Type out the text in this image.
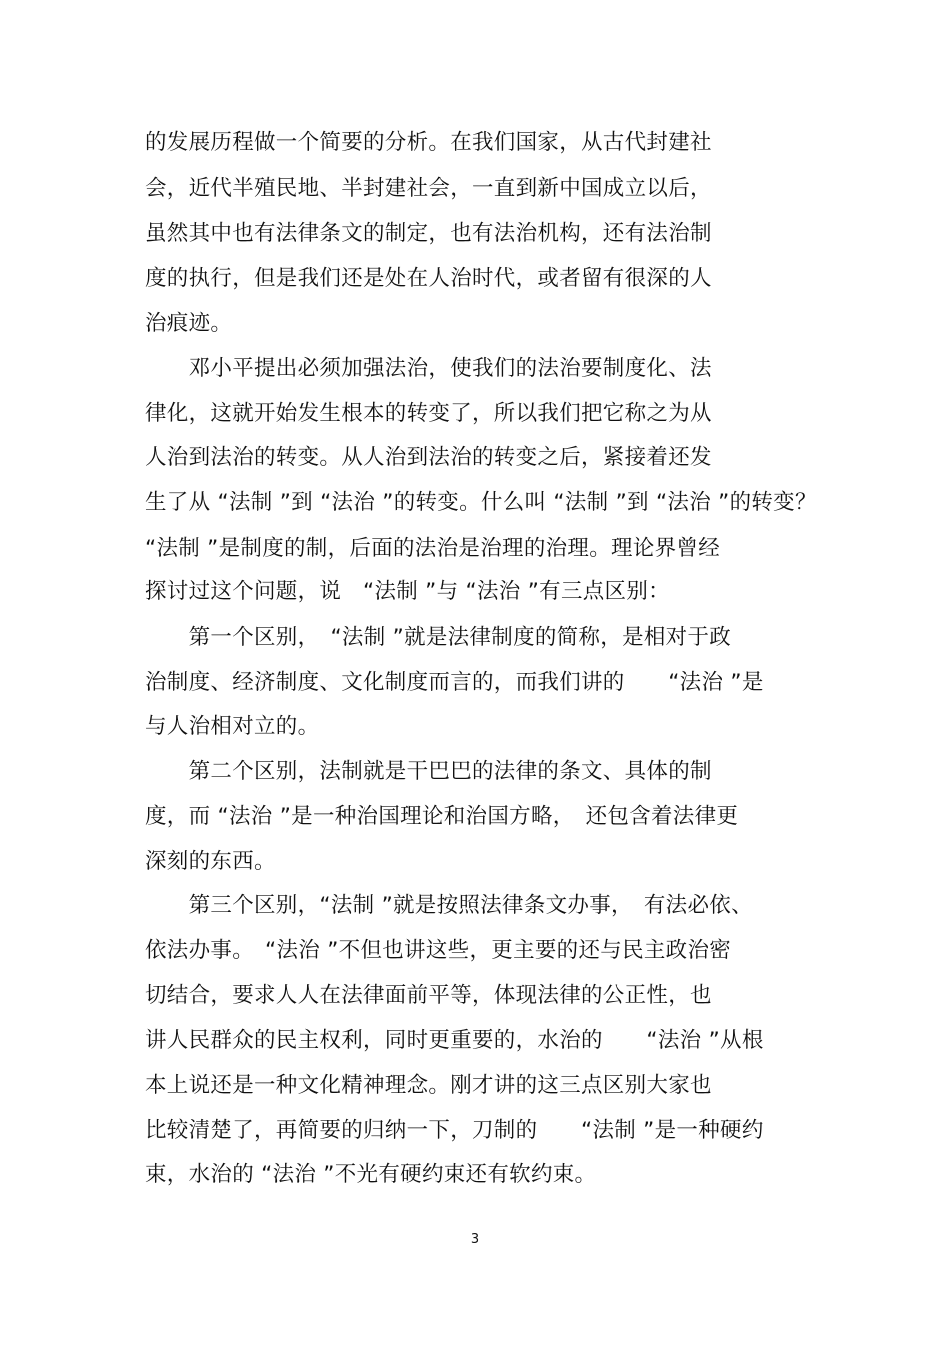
的发展历程做一个简要的分析。在我们国家，从古代封建社
会，近代半殖民地、半封建社会，一直到新中国成立以后，
虽然其中也有法律条文的制定，也有法治机构，还有法治制
度的执行，但是我们还是处在人治时代，或者留有很深的人
治痕迹。
　　邓小平提出必须加强法治，使我们的法治要制度化、法
律化，这就开始发生根本的转变了，所以我们把它称之为从
人治到法治的转变。从人治到法治的转变之后，紧接着还发
生了从 “法制 ”到 “法治 ”的转变。什么叫 “法制 ”到 “法治 ”的转变？
“法制 ”是制度的制，后面的法治是治理的治理。理论界曾经
探讨过这个问题，说　“法制 ”与 “法治 ”有三点区别：
　　第一个区别，　“法制 ”就是法律制度的简称，是相对于政
治制度、经济制度、文化制度而言的，而我们讲的　　“法治 ”是
与人治相对立的。
　　第二个区别，法制就是干巴巴的法律的条文、具体的制
度，而 “法治 ”是一种治国理论和治国方略，　还包含着法律更
深刻的东西。
　　第三个区别，“法制 ”就是按照法律条文办事，　有法必依、
依法办事。　“法治 ”不但也讲这些，更主要的还与民主政治密
切结合，要求人人在法律面前平等，体现法律的公正性，也
讲人民群众的民主权利，同时更重要的，水治的　　“法治 ”从根
本上说还是一种文化精神理念。刚才讲的这三点区别大家也
比较清楚了，再简要的归纳一下，刀制的　　“法制 ”是一种硬约
束，水治的 “法治 ”不光有硬约束还有软约束。
3
